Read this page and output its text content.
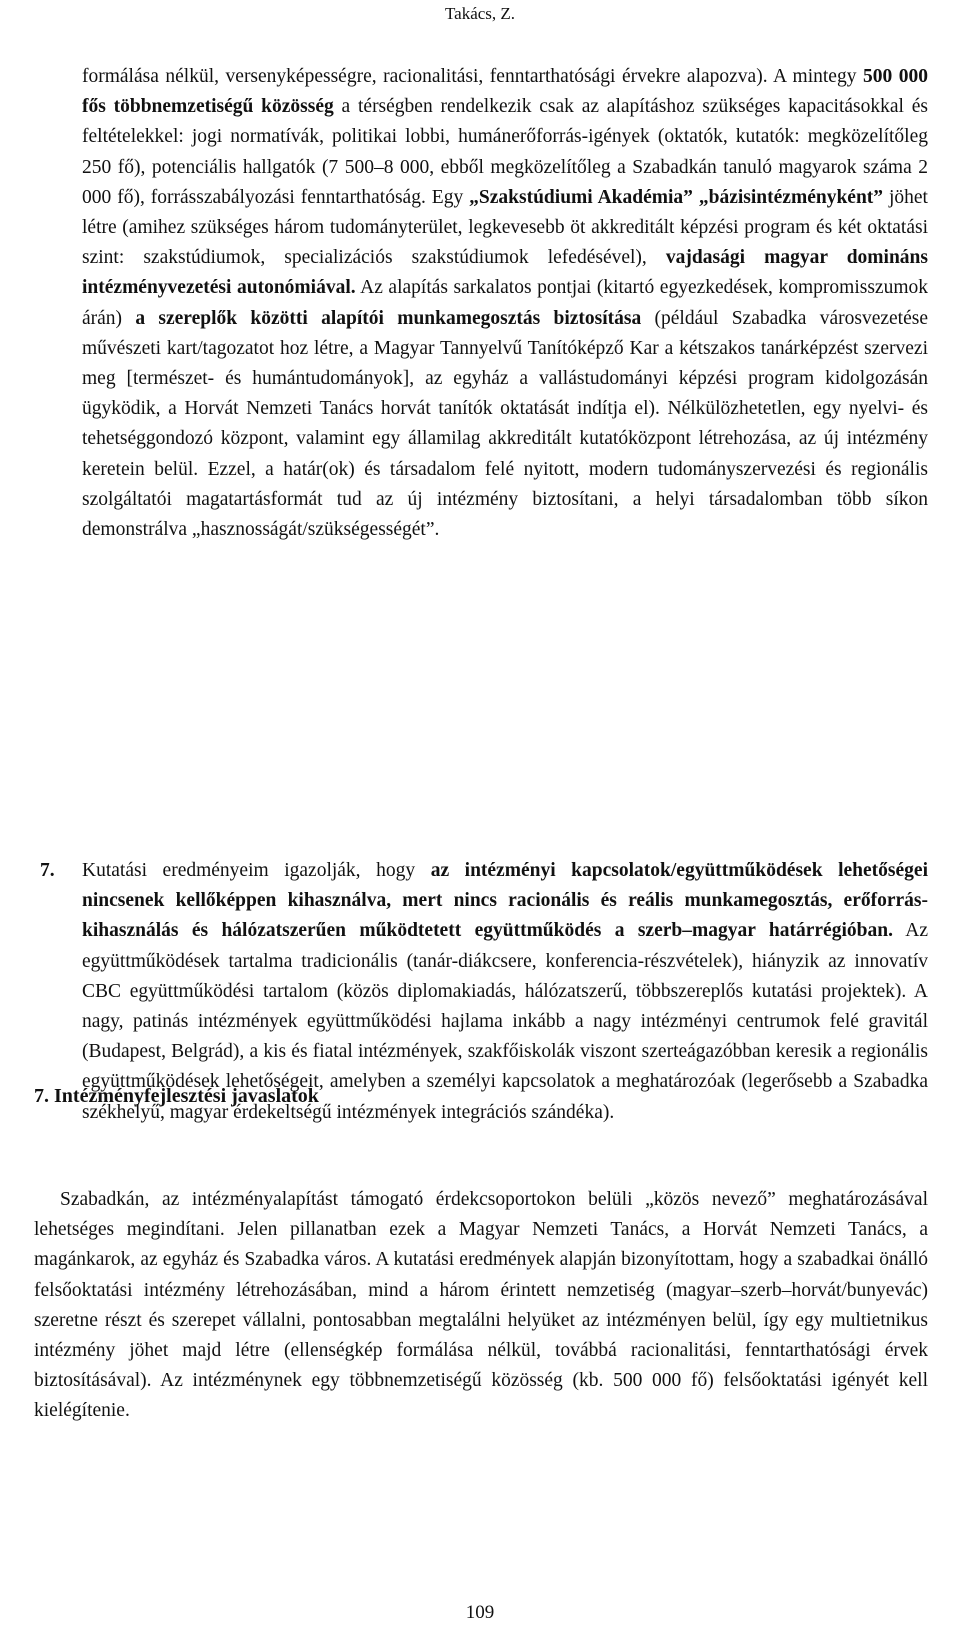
Takács, Z.
formálása nélkül, versenyképességre, racionalitási, fenntarthatósági érvekre alapozva). A mintegy 500 000 fős többnemzetiségű közösség a térségben rendelkezik csak az alapításhoz szükséges kapacitásokkal és feltételekkel: jogi normatívák, politikai lobbi, humánerőforrás-igények (oktatók, kutatók: megközelítőleg 250 fő), potenciális hallgatók (7 500–8 000, ebből megközelítőleg a Szabadkán tanuló magyarok száma 2 000 fő), forrásszabályozási fenntarthatóság. Egy „Szakstúdiumi Akadémia” „bázisintézményként” jöhet létre (amihez szükséges három tudományterület, legkevesebb öt akkreditált képzési program és két oktatási szint: szakstúdiumok, specializációs szakstúdiumok lefedésével), vajdasági magyar domináns intézményvezetési autonómiával. Az alapítás sarkalatos pontjai (kitartó egyezkedések, kompromisszumok árán) a szereplők közötti alapítói munkamegosztás biztosítása (például Szabadka városvezetése művészeti kart/tagozatot hoz létre, a Magyar Tannyelvű Tanítóképző Kar a kétszakos tanárképzést szervezi meg [természet- és humántudományok], az egyház a vallástudományi képzési program kidolgozásán ügyködik, a Horvát Nemzeti Tanács horvát tanítók oktatását indítja el). Nélkülözhetetlen, egy nyelvi- és tehetséggondozó központ, valamint egy államilag akkreditált kutatóközpont létrehozása, az új intézmény keretein belül. Ezzel, a határ(ok) és társadalom felé nyitott, modern tudományszervezési és regionális szolgáltatói magatartásformát tud az új intézmény biztosítani, a helyi társadalomban több síkon demonstrálva „hasznosságát/szükségességét”.
7. Kutatási eredményeim igazolják, hogy az intézményi kapcsolatok/együttműködések lehetőségei nincsenek kellőképpen kihasználva, mert nincs racionális és reális munkamegosztás, erőforrás-kihasználás és hálózatszerűen működtetett együttműködés a szerb–magyar határrégióban. Az együttműködések tartalma tradicionális (tanár-diákcsere, konferencia-részvételek), hiányzik az innovatív CBC együttműködési tartalom (közös diplomakiadás, hálózatszerű, többszereplős kutatási projektek). A nagy, patinás intézmények együttműködési hajlama inkább a nagy intézményi centrumok felé gravitál (Budapest, Belgrád), a kis és fiatal intézmények, szakfőiskolák viszont szerteágazóbban keresik a regionális együttműködések lehetőségeit, amelyben a személyi kapcsolatok a meghatározóak (legerősebb a Szabadka székhelyű, magyar érdekeltségű intézmények integrációs szándéka).
7. Intézményfejlesztési javaslatok
Szabadkán, az intézményalapítást támogató érdekcsoportokon belüli „közös nevező” meghatározásával lehetséges megindítani. Jelen pillanatban ezek a Magyar Nemzeti Tanács, a Horvát Nemzeti Tanács, a magánkarok, az egyház és Szabadka város. A kutatási eredmények alapján bizonyítottam, hogy a szabadkai önálló felsőoktatási intézmény létrehozásában, mind a három érintett nemzetiség (magyar–szerb–horvát/bunyevác) szeretne részt és szerepet vállalni, pontosabban megtalálni helyüket az intézményen belül, így egy multietnikus intézmény jöhet majd létre (ellenségkép formálása nélkül, továbbá racionalitási, fenntarthatósági érvek biztosításával). Az intézménynek egy többnemzetiségű közösség (kb. 500 000 fő) felsőoktatási igényét kell kielégítenie.
109
